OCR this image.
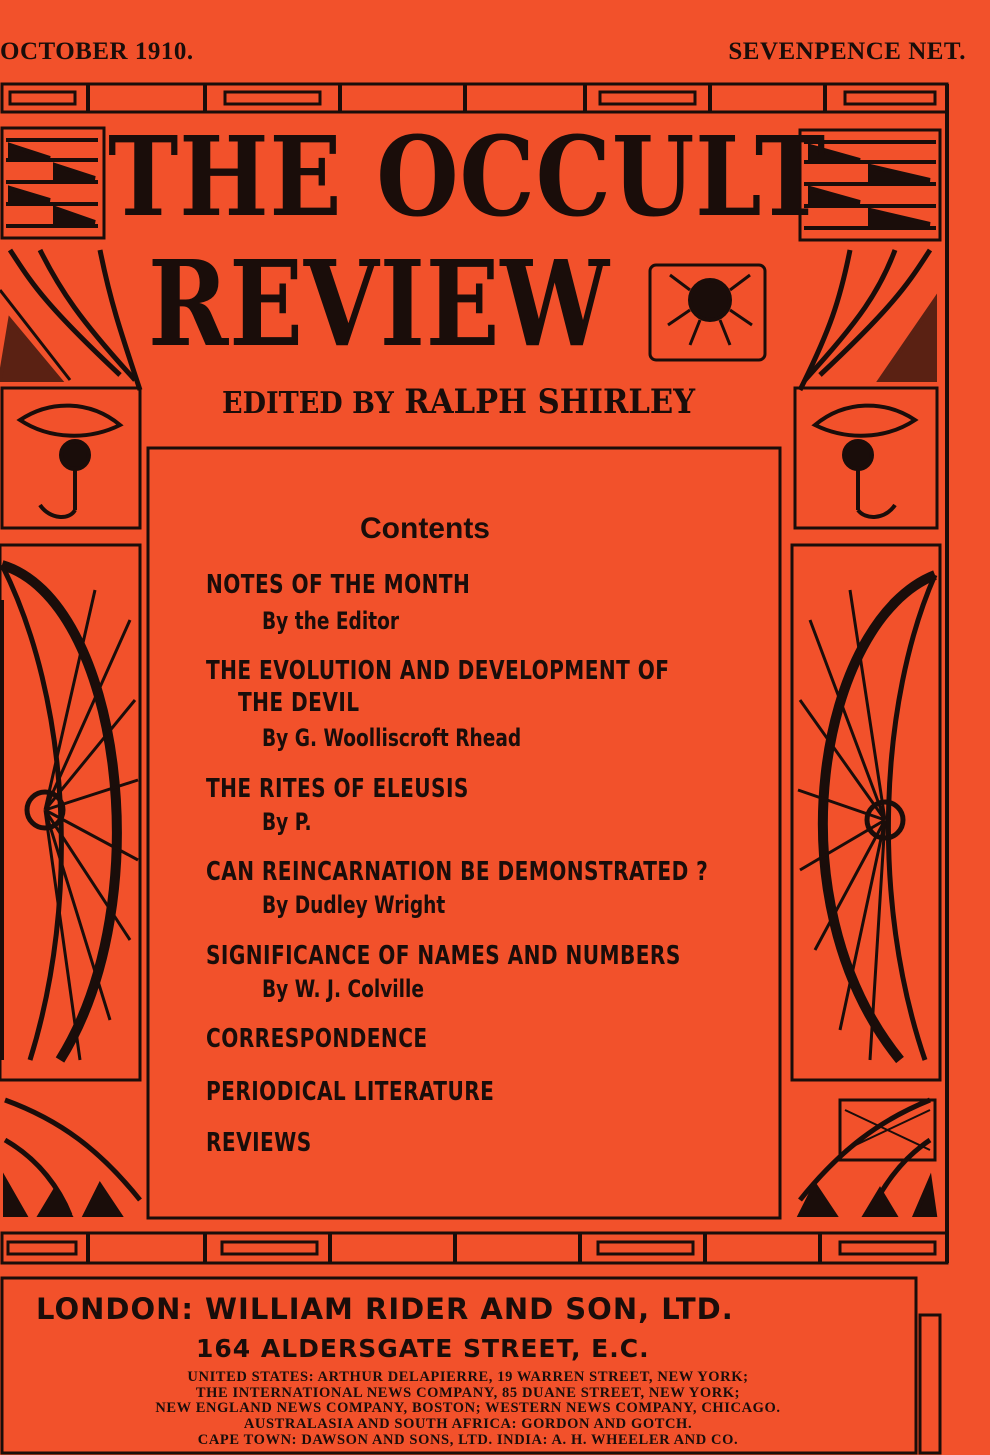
OCTOBER 1910.	SEVENPENCE NET.
THE OCCULT
REVIEW
EDITED BY RALPH SHIRLEY
Contents
NOTES OF THE MONTH
By the Editor
THE EVOLUTION AND DEVELOPMENT OF
THE DEVIL
By G. Woolliscroft Rhead
THE RITES OF ELEUSIS
By P.
CAN REINCARNATION BE DEMONSTRATED ?
By Dudley Wright
SIGNIFICANCE OF NAMES AND NUMBERS
By W. J. Colville
CORRESPONDENCE
PERIODICAL LITERATURE
REVIEWS
LONDON: WILLIAM RIDER AND SON, LTD.
164 ALDERSGATE STREET, E.C.
UNITED STATES: ARTHUR DELAPIERRE, 19 WARREN STREET, NEW YORK;
THE INTERNATIONAL NEWS COMPANY, 85 DUANE STREET, NEW YORK;
NEW ENGLAND NEWS COMPANY, BOSTON; WESTERN NEWS COMPANY, CHICAGO.
AUSTRALASIA AND SOUTH AFRICA: GORDON AND GOTCH.
CAPE TOWN: DAWSON AND SONS, LTD. INDIA: A. H. WHEELER AND CO.
